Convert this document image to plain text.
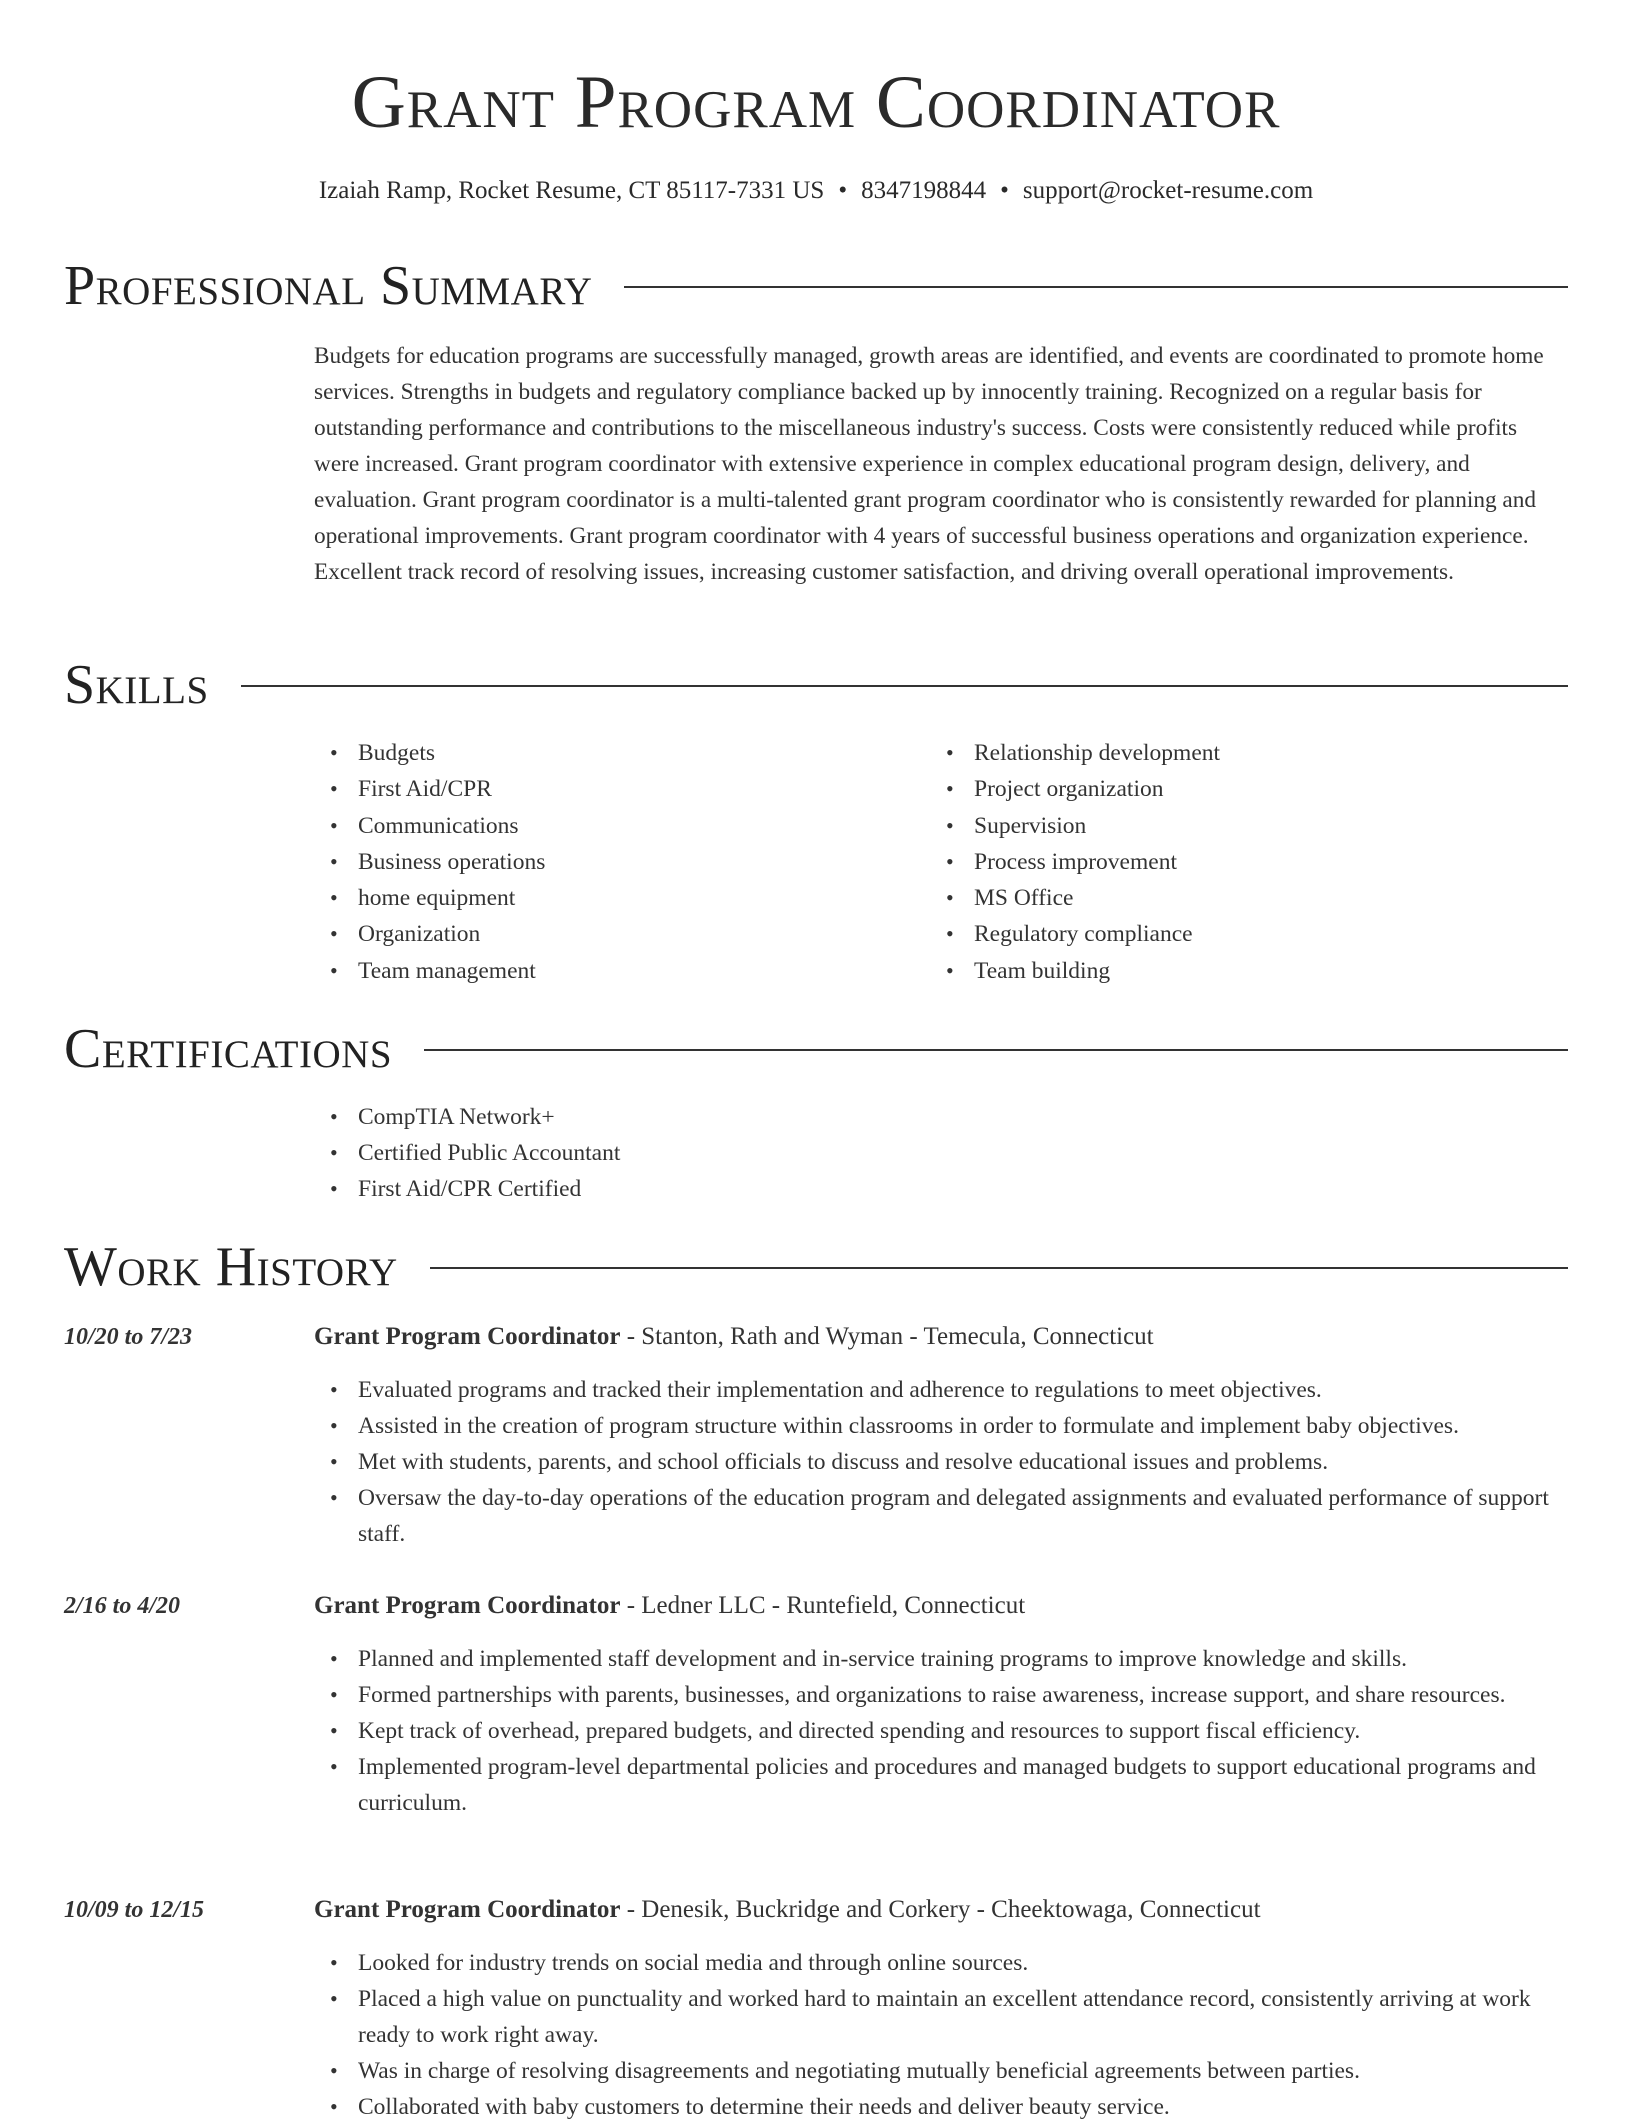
Grant Program Coordinator
Izaiah Ramp, Rocket Resume, CT 85117-7331 US • 8347198844 • support@rocket-resume.com
Professional Summary

Budgets for education programs are successfully managed, growth areas are identified, and events are coordinated to promote home services. Strengths in budgets and regulatory compliance backed up by innocently training. Recognized on a regular basis for outstanding performance and contributions to the miscellaneous industry's success. Costs were consistently reduced while profits were increased. Grant program coordinator with extensive experience in complex educational program design, delivery, and evaluation. Grant program coordinator is a multi-talented grant program coordinator who is consistently rewarded for planning and operational improvements. Grant program coordinator with 4 years of successful business operations and organization experience. Excellent track record of resolving issues, increasing customer satisfaction, and driving overall operational improvements.

Skills
• Budgets
• First Aid/CPR
• Communications
• Business operations
• home equipment
• Organization
• Team management
• Relationship development
• Project organization
• Supervision
• Process improvement
• MS Office
• Regulatory compliance
• Team building
Certifications
• CompTIA Network+
• Certified Public Accountant
• First Aid/CPR Certified
Work History
10/20 to 7/23	Grant Program Coordinator - Stanton, Rath and Wyman - Temecula, Connecticut
• Evaluated programs and tracked their implementation and adherence to regulations to meet objectives.
• Assisted in the creation of program structure within classrooms in order to formulate and implement baby objectives.
• Met with students, parents, and school officials to discuss and resolve educational issues and problems.
• Oversaw the day-to-day operations of the education program and delegated assignments and evaluated performance of support staff.
2/16 to 4/20	Grant Program Coordinator - Ledner LLC - Runtefield, Connecticut
• Planned and implemented staff development and in-service training programs to improve knowledge and skills.
• Formed partnerships with parents, businesses, and organizations to raise awareness, increase support, and share resources.
• Kept track of overhead, prepared budgets, and directed spending and resources to support fiscal efficiency.
• Implemented program-level departmental policies and procedures and managed budgets to support educational programs and curriculum.
10/09 to 12/15	Grant Program Coordinator - Denesik, Buckridge and Corkery - Cheektowaga, Connecticut
• Looked for industry trends on social media and through online sources.
• Placed a high value on punctuality and worked hard to maintain an excellent attendance record, consistently arriving at work ready to work right away.
• Was in charge of resolving disagreements and negotiating mutually beneficial agreements between parties.
• Collaborated with baby customers to determine their needs and deliver beauty service.
